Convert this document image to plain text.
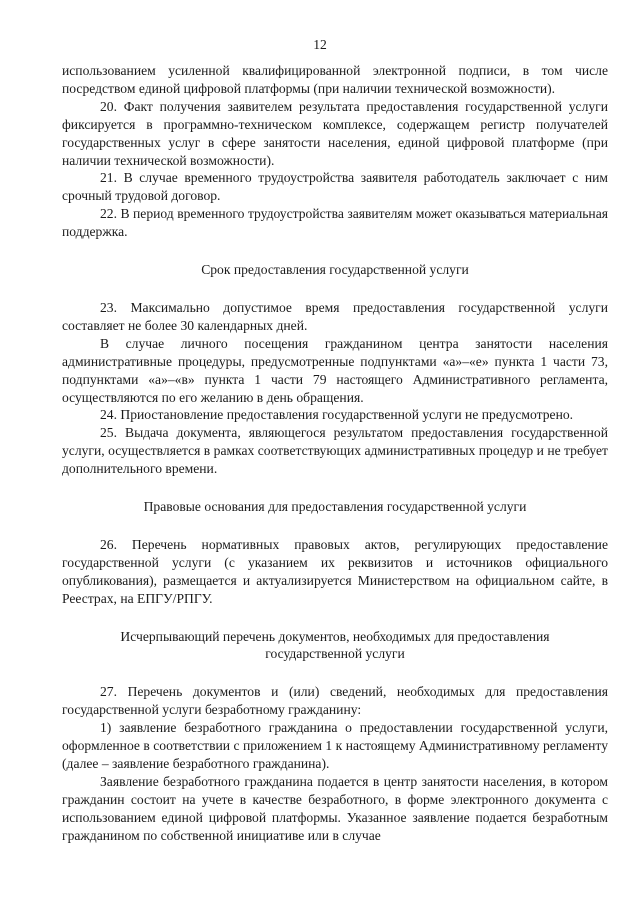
12

использованием усиленной квалифицированной электронной подписи, в том числе посредством единой цифровой платформы (при наличии технической возможности).

20. Факт получения заявителем результата предоставления государственной услуги фиксируется в программно-техническом комплексе, содержащем регистр получателей государственных услуг в сфере занятости населения, единой цифровой платформе (при наличии технической возможности).

21. В случае временного трудоустройства заявителя работодатель заключает с ним срочный трудовой договор.

22. В период временного трудоустройства заявителям может оказываться материальная поддержка.

Срок предоставления государственной услуги

23. Максимально допустимое время предоставления государственной услуги составляет не более 30 календарных дней.

В случае личного посещения гражданином центра занятости населения административные процедуры, предусмотренные подпунктами «а»–«е» пункта 1 части 73, подпунктами «а»–«в» пункта 1 части 79 настоящего Административного регламента, осуществляются по его желанию в день обращения.

24. Приостановление предоставления государственной услуги не предусмотрено.

25. Выдача документа, являющегося результатом предоставления государственной услуги, осуществляется в рамках соответствующих административных процедур и не требует дополнительного времени.

Правовые основания для предоставления государственной услуги

26. Перечень нормативных правовых актов, регулирующих предоставление государственной услуги (с указанием их реквизитов и источников официального опубликования), размещается и актуализируется Министерством на официальном сайте, в Реестрах, на ЕПГУ/РПГУ.

Исчерпывающий перечень документов, необходимых для предоставления государственной услуги

27. Перечень документов и (или) сведений, необходимых для предоставления государственной услуги безработному гражданину:

1) заявление безработного гражданина о предоставлении государственной услуги, оформленное в соответствии с приложением 1 к настоящему Административному регламенту (далее – заявление безработного гражданина).

Заявление безработного гражданина подается в центр занятости населения, в котором гражданин состоит на учете в качестве безработного, в форме электронного документа с использованием единой цифровой платформы. Указанное заявление подается безработным гражданином по собственной инициативе или в случае
